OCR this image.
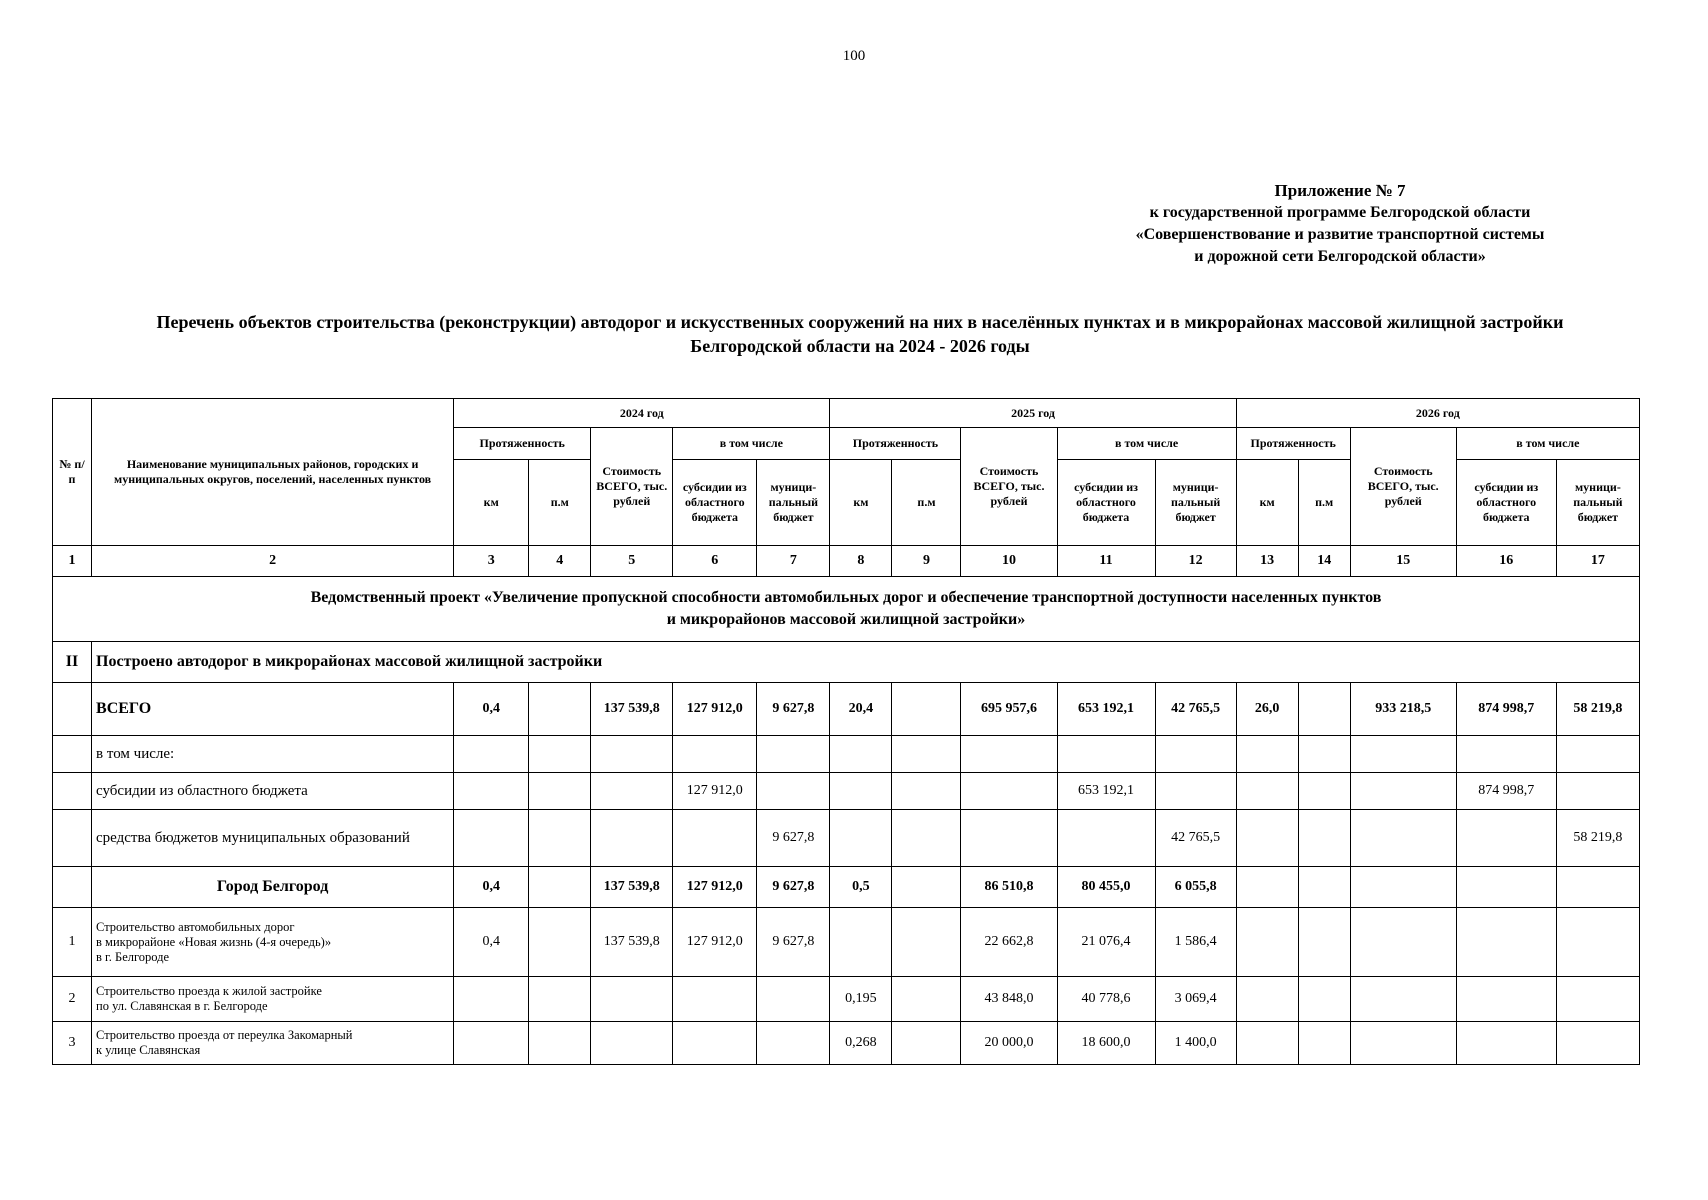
100
Приложение № 7
к государственной программе Белгородской области
«Совершенствование и развитие транспортной системы
и дорожной сети Белгородской области»
Перечень объектов строительства (реконструкции) автодорог и искусственных сооружений на них в населённых пунктах и в микрорайонах массовой жилищной застройки
Белгородской области на 2024 - 2026 годы
№ п/п	Наименование муниципальных районов, городских и муниципальных округов, поселений, населенных пунктов	2024 год					2025 год					2026 год				
		Протяженность		Стоимость ВСЕГО, тыс. рублей	в том числе		Протяженность		Стоимость ВСЕГО, тыс. рублей	в том числе		Протяженность		Стоимость ВСЕГО, тыс. рублей	в том числе	
		км	п.м		субсидии из областного бюджета	муници-пальный бюджет	км	п.м		субсидии из областного бюджета	муници-пальный бюджет	км	п.м		субсидии из областного бюджета	муници-пальный бюджет
1	2	3	4	5	6	7	8	9	10	11	12	13	14	15	16	17

Ведомственный проект «Увеличение пропускной способности автомобильных дорог и обеспечение транспортной доступности населенных пунктов
и микрорайонов массовой жилищной застройки»																

II	Построено автодорог в микрорайонах массовой жилищной застройки															
	ВСЕГО	0,4		137 539,8	127 912,0	9 627,8	20,4		695 957,6	653 192,1	42 765,5	26,0		933 218,5	874 998,7	58 219,8
	в том числе:															
	субсидии из областного бюджета				127 912,0					653 192,1					874 998,7	
	средства бюджетов муниципальных образований					9 627,8					42 765,5					58 219,8
	Город Белгород	0,4		137 539,8	127 912,0	9 627,8	0,5		86 510,8	80 455,0	6 055,8					
1	Строительство автомобильных дорог
в микрорайоне «Новая жизнь (4-я очередь)»
в г. Белгороде	0,4		137 539,8	127 912,0	9 627,8			22 662,8	21 076,4	1 586,4					
2	Строительство проезда к жилой застройке
по ул. Славянская в г. Белгороде						0,195		43 848,0	40 778,6	3 069,4					
3	Строительство проезда от переулка Закомарный
к улице Славянская						0,268		20 000,0	18 600,0	1 400,0					
